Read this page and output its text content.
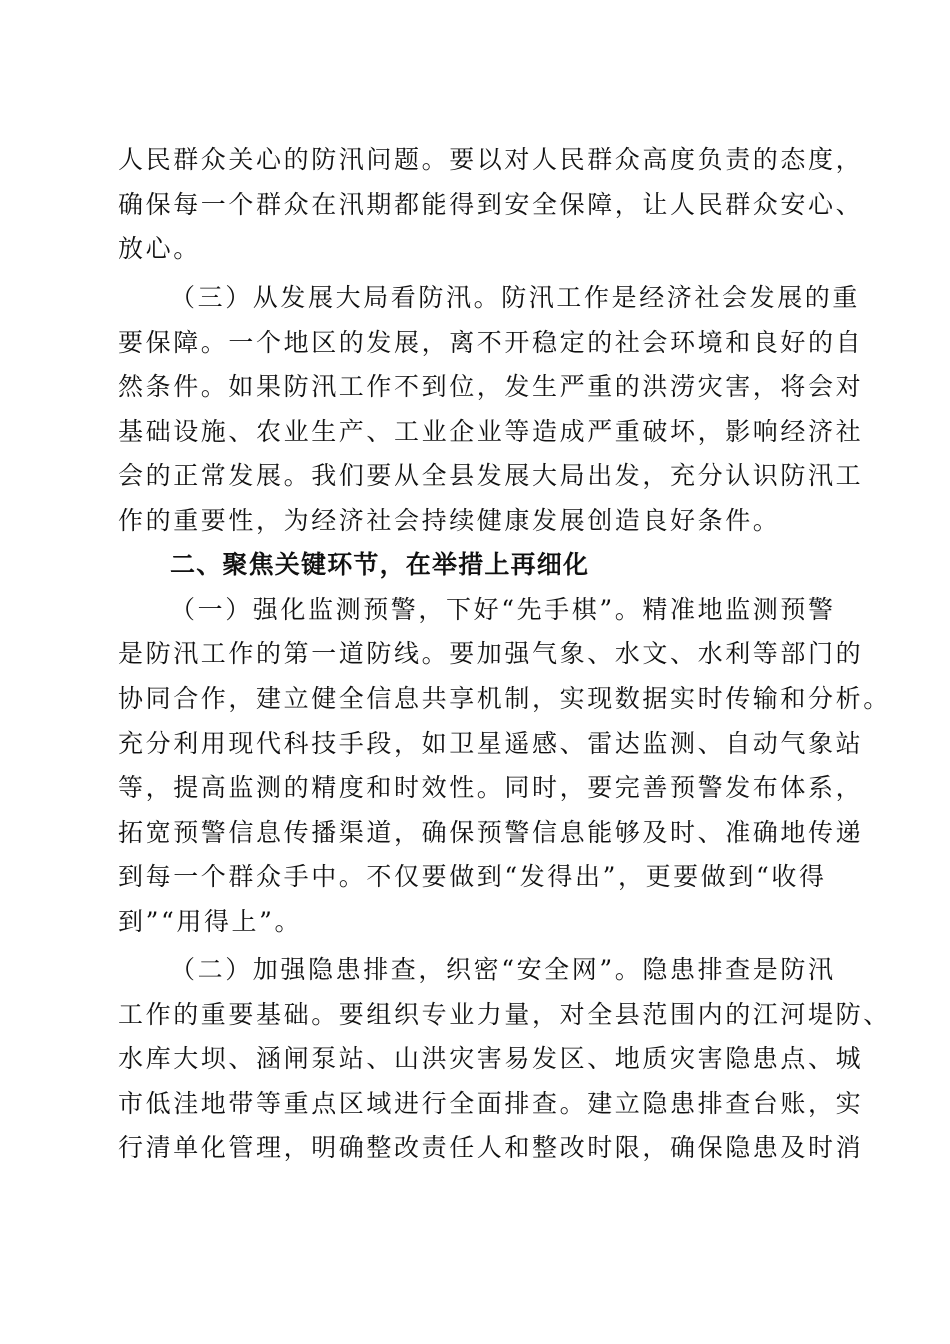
人民群众关心的防汛问题。要以对人民群众高度负责的态度，
确保每一个群众在汛期都能得到安全保障，让人民群众安心、
放心。
（三）从发展大局看防汛。防汛工作是经济社会发展的重
要保障。一个地区的发展，离不开稳定的社会环境和良好的自
然条件。如果防汛工作不到位，发生严重的洪涝灾害，将会对
基础设施、农业生产、工业企业等造成严重破坏，影响经济社
会的正常发展。我们要从全县发展大局出发，充分认识防汛工
作的重要性，为经济社会持续健康发展创造良好条件。
二、聚焦关键环节，在举措上再细化
（一）强化监测预警，下好“先手棋”。精准地监测预警
是防汛工作的第一道防线。要加强气象、水文、水利等部门的
协同合作，建立健全信息共享机制，实现数据实时传输和分析。
充分利用现代科技手段，如卫星遥感、雷达监测、自动气象站
等，提高监测的精度和时效性。同时，要完善预警发布体系，
拓宽预警信息传播渠道，确保预警信息能够及时、准确地传递
到每一个群众手中。不仅要做到“发得出”，更要做到“收得
到”“用得上”。
（二）加强隐患排查，织密“安全网”。隐患排查是防汛
工作的重要基础。要组织专业力量，对全县范围内的江河堤防、
水库大坝、涵闸泵站、山洪灾害易发区、地质灾害隐患点、城
市低洼地带等重点区域进行全面排查。建立隐患排查台账，实
行清单化管理，明确整改责任人和整改时限，确保隐患及时消
